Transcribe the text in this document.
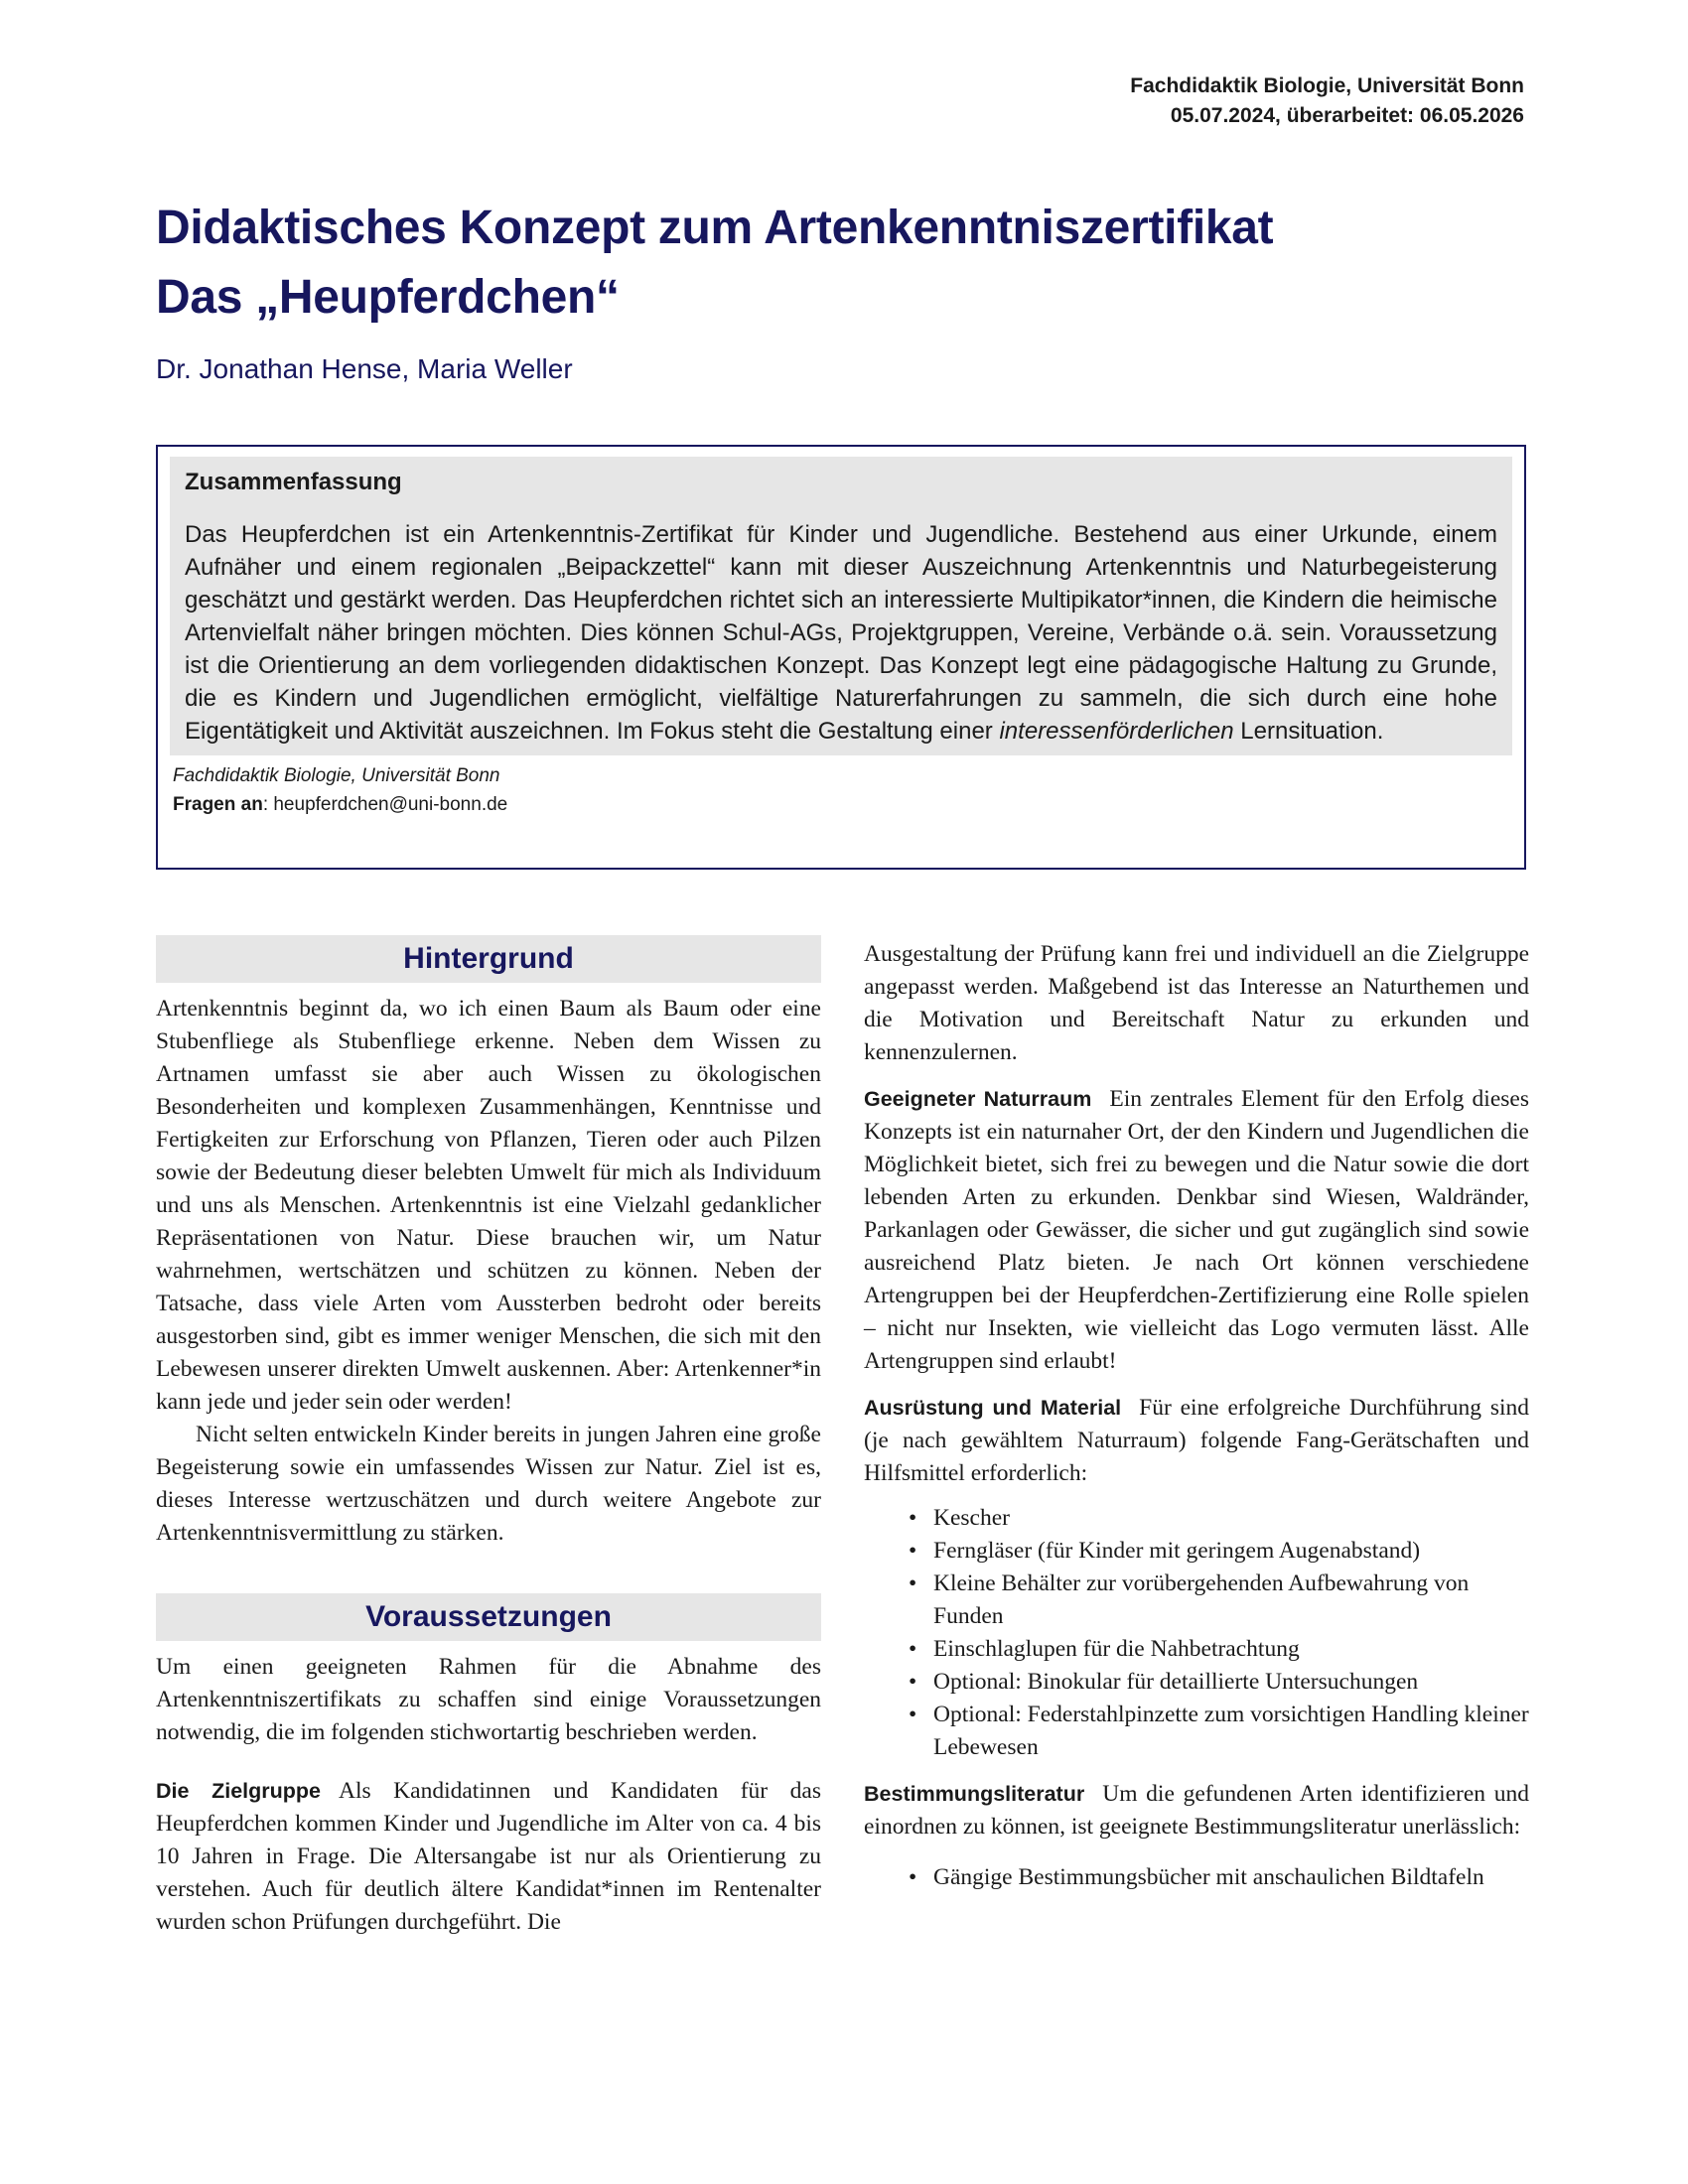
Fachdidaktik Biologie, Universität Bonn
05.07.2024, überarbeitet: 06.05.2026
Didaktisches Konzept zum Artenkenntniszertifikat
Das „Heupferdchen“
Dr. Jonathan Hense, Maria Weller
Zusammenfassung

Das Heupferdchen ist ein Artenkenntnis-Zertifikat für Kinder und Jugendliche. Bestehend aus einer Urkunde, einem Aufnäher und einem regionalen „Beipackzettel“ kann mit dieser Auszeichnung Artenkenntnis und Naturbegeisterung geschätzt und gestärkt werden. Das Heupferdchen richtet sich an interessierte Multipikator*innen, die Kindern die heimische Artenvielfalt näher bringen möchten. Dies können Schul-AGs, Projektgruppen, Vereine, Verbände o.ä. sein. Voraussetzung ist die Orientierung an dem vorliegenden didaktischen Konzept. Das Konzept legt eine pädagogische Haltung zu Grunde, die es Kindern und Jugendlichen ermöglicht, vielfältige Naturerfahrungen zu sammeln, die sich durch eine hohe Eigentätigkeit und Aktivität auszeichnen. Im Fokus steht die Gestaltung einer interessenförderlichen Lernsituation.

Fachdidaktik Biologie, Universität Bonn
Fragen an: heupferdchen@uni-bonn.de
Hintergrund

Artenkenntnis beginnt da, wo ich einen Baum als Baum oder eine Stubenfliege als Stubenfliege erkenne. Neben dem Wissen zu Artnamen umfasst sie aber auch Wissen zu ökologischen Besonderheiten und komplexen Zusammenhängen, Kenntnisse und Fertigkeiten zur Erforschung von Pflanzen, Tieren oder auch Pilzen sowie der Bedeutung dieser belebten Umwelt für mich als Individuum und uns als Menschen. Artenkenntnis ist eine Vielzahl gedanklicher Repräsentationen von Natur. Diese brauchen wir, um Natur wahrnehmen, wertschätzen und schützen zu können. Neben der Tatsache, dass viele Arten vom Aussterben bedroht oder bereits ausgestorben sind, gibt es immer weniger Menschen, die sich mit den Lebewesen unserer direkten Umwelt auskennen. Aber: Artenkenner*in kann jede und jeder sein oder werden!

Nicht selten entwickeln Kinder bereits in jungen Jahren eine große Begeisterung sowie ein umfassendes Wissen zur Natur. Ziel ist es, dieses Interesse wertzuschätzen und durch weitere Angebote zur Artenkenntnisvermittlung zu stärken.

Voraussetzungen

Um einen geeigneten Rahmen für die Abnahme des Artenkenntniszertifikats zu schaffen sind einige Voraussetzungen notwendig, die im folgenden stichwortartig beschrieben werden.

Die Zielgruppe Als Kandidatinnen und Kandidaten für das Heupferdchen kommen Kinder und Jugendliche im Alter von ca. 4 bis 10 Jahren in Frage. Die Altersangabe ist nur als Orientierung zu verstehen. Auch für deutlich ältere Kandidat*innen im Rentenalter wurden schon Prüfungen durchgeführt. Die

Ausgestaltung der Prüfung kann frei und individuell an die Zielgruppe angepasst werden. Maßgebend ist das Interesse an Naturthemen und die Motivation und Bereitschaft Natur zu erkunden und kennenzulernen.

Geeigneter Naturraum Ein zentrales Element für den Erfolg dieses Konzepts ist ein naturnaher Ort, der den Kindern und Jugendlichen die Möglichkeit bietet, sich frei zu bewegen und die Natur sowie die dort lebenden Arten zu erkunden. Denkbar sind Wiesen, Waldränder, Parkanlagen oder Gewässer, die sicher und gut zugänglich sind sowie ausreichend Platz bieten. Je nach Ort können verschiedene Artengruppen bei der Heupferdchen-Zertifizierung eine Rolle spielen – nicht nur Insekten, wie vielleicht das Logo vermuten lässt. Alle Artengruppen sind erlaubt!

Ausrüstung und Material Für eine erfolgreiche Durchführung sind (je nach gewähltem Naturraum) folgende Fang-Gerätschaften und Hilfsmittel erforderlich:

• Kescher
• Ferngläser (für Kinder mit geringem Augenabstand)
• Kleine Behälter zur vorübergehenden Aufbewahrung von Funden
• Einschlaglupen für die Nahbetrachtung
• Optional: Binokular für detaillierte Untersuchungen
• Optional: Federstahlpinzette zum vorsichtigen Handling kleiner Lebewesen

Bestimmungsliteratur Um die gefundenen Arten identifizieren und einordnen zu können, ist geeignete Bestimmungsliteratur unerlässlich:

• Gängige Bestimmungsbücher mit anschaulichen Bildtafeln
